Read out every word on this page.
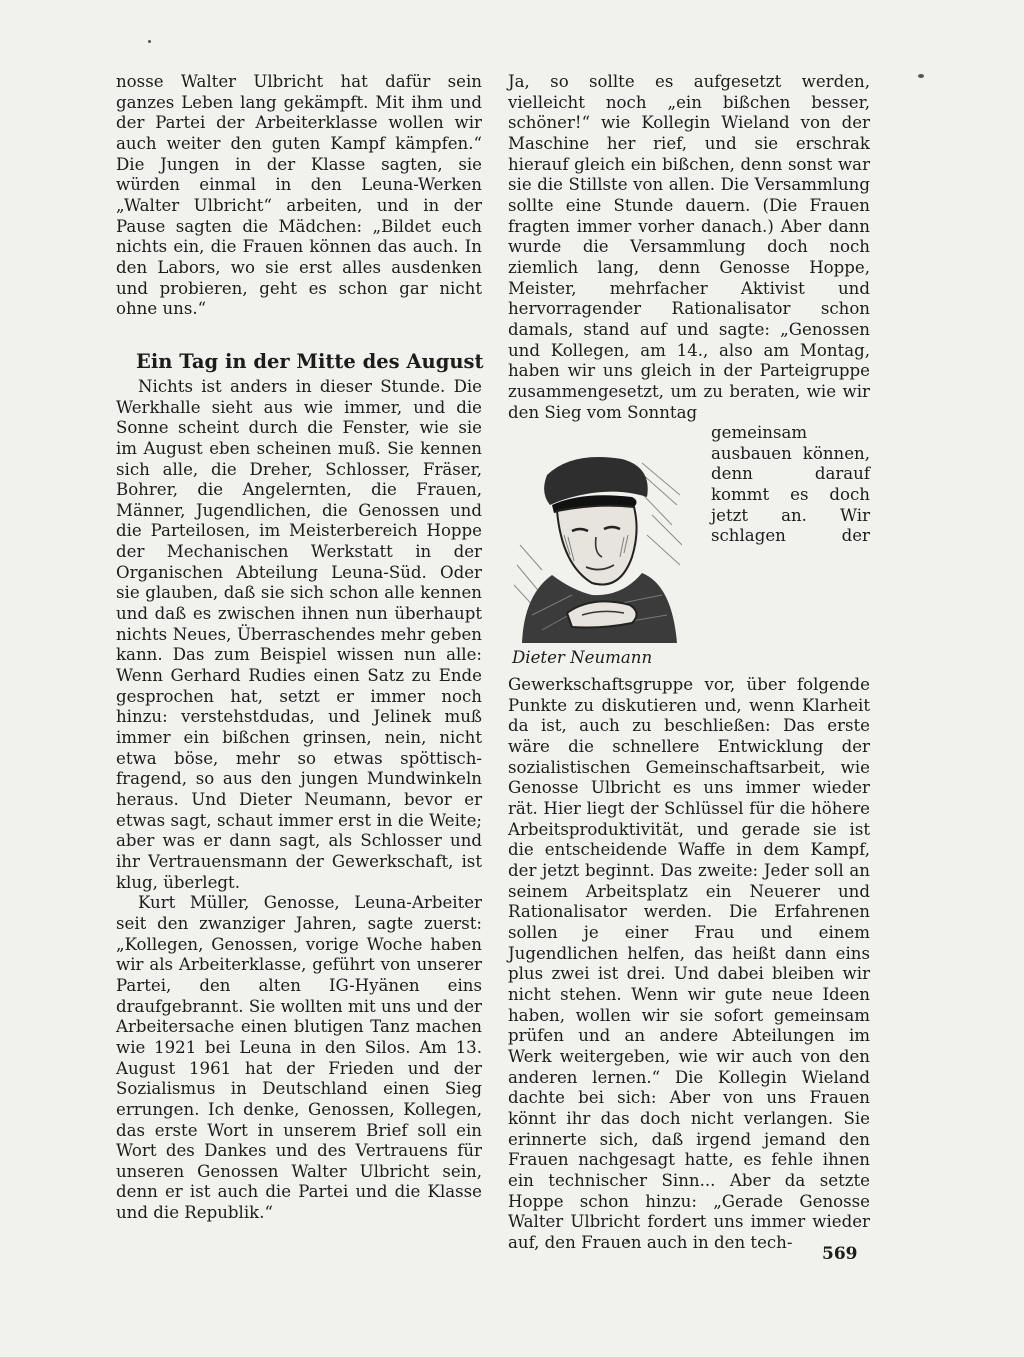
nosse Walter Ulbricht hat dafür sein ganzes Leben lang gekämpft. Mit ihm und der Partei der Arbeiterklasse wollen wir auch weiter den guten Kampf kämpfen.“ Die Jungen in der Klasse sagten, sie würden einmal in den Leuna-Werken „Walter Ulbricht“ arbeiten, und in der Pause sagten die Mädchen: „Bildet euch nichts ein, die Frauen können das auch. In den Labors, wo sie erst alles ausdenken und probieren, geht es schon gar nicht ohne uns.“

Ein Tag in der Mitte des August

Nichts ist anders in dieser Stunde. Die Werkhalle sieht aus wie immer, und die Sonne scheint durch die Fenster, wie sie im August eben scheinen muß. Sie kennen sich alle, die Dreher, Schlosser, Fräser, Bohrer, die Angelernten, die Frauen, Männer, Jugendlichen, die Genossen und die Parteilosen, im Meisterbereich Hoppe der Mechanischen Werkstatt in der Organischen Abteilung Leuna-Süd. Oder sie glauben, daß sie sich schon alle kennen und daß es zwischen ihnen nun überhaupt nichts Neues, Überraschendes mehr geben kann. Das zum Beispiel wissen nun alle: Wenn Gerhard Rudies einen Satz zu Ende gesprochen hat, setzt er immer noch hinzu: verstehstdudas, und Jelinek muß immer ein bißchen grinsen, nein, nicht etwa böse, mehr so etwas spöttisch-fragend, so aus den jungen Mundwinkeln heraus. Und Dieter Neumann, bevor er etwas sagt, schaut immer erst in die Weite; aber was er dann sagt, als Schlosser und ihr Vertrauensmann der Gewerkschaft, ist klug, überlegt.

Kurt Müller, Genosse, Leuna-Arbeiter seit den zwanziger Jahren, sagte zuerst: „Kollegen, Genossen, vorige Woche haben wir als Arbeiterklasse, geführt von unserer Partei, den alten IG-Hyänen eins draufgebrannt. Sie wollten mit uns und der Arbeitersache einen blutigen Tanz machen wie 1921 bei Leuna in den Silos. Am 13. August 1961 hat der Frieden und der Sozialismus in Deutschland einen Sieg errungen. Ich denke, Genossen, Kollegen, das erste Wort in unserem Brief soll ein Wort des Dankes und des Vertrauens für unseren Genossen Walter Ulbricht sein, denn er ist auch die Partei und die Klasse und die Republik.“

Ja, so sollte es aufgesetzt werden, vielleicht noch „ein bißchen besser, schöner!“ wie Kollegin Wieland von der Maschine her rief, und sie erschrak hierauf gleich ein bißchen, denn sonst war sie die Stillste von allen. Die Versammlung sollte eine Stunde dauern. (Die Frauen fragten immer vorher danach.) Aber dann wurde die Versammlung doch noch ziemlich lang, denn Genosse Hoppe, Meister, mehrfacher Aktivist und hervorragender Rationalisator schon damals, stand auf und sagte: „Genossen und Kollegen, am 14., also am Montag, haben wir uns gleich in der Parteigruppe zusammengesetzt, um zu beraten, wie wir den Sieg vom Sonntag

Dieter Neumann

gemeinsam ausbauen können, denn darauf kommt es doch jetzt an. Wir schlagen der Gewerkschaftsgruppe vor, über folgende Punkte zu diskutieren und, wenn Klarheit da ist, auch zu beschließen: Das erste wäre die schnellere Entwicklung der sozialistischen Gemeinschaftsarbeit, wie Genosse Ulbricht es uns immer wieder rät. Hier liegt der Schlüssel für die höhere Arbeitsproduktivität, und gerade sie ist die entscheidende Waffe in dem Kampf, der jetzt beginnt. Das zweite: Jeder soll an seinem Arbeitsplatz ein Neuerer und Rationalisator werden. Die Erfahrenen sollen je einer Frau und einem Jugendlichen helfen, das heißt dann eins plus zwei ist drei. Und dabei bleiben wir nicht stehen. Wenn wir gute neue Ideen haben, wollen wir sie sofort gemeinsam prüfen und an andere Abteilungen im Werk weitergeben, wie wir auch von den anderen lernen.“ Die Kollegin Wieland dachte bei sich: Aber von uns Frauen könnt ihr das doch nicht verlangen. Sie erinnerte sich, daß irgend jemand den Frauen nachgesagt hatte, es fehle ihnen ein technischer Sinn... Aber da setzte Hoppe schon hinzu: „Gerade Genosse Walter Ulbricht fordert uns immer wieder auf, den Frauen auch in den tech-

569
